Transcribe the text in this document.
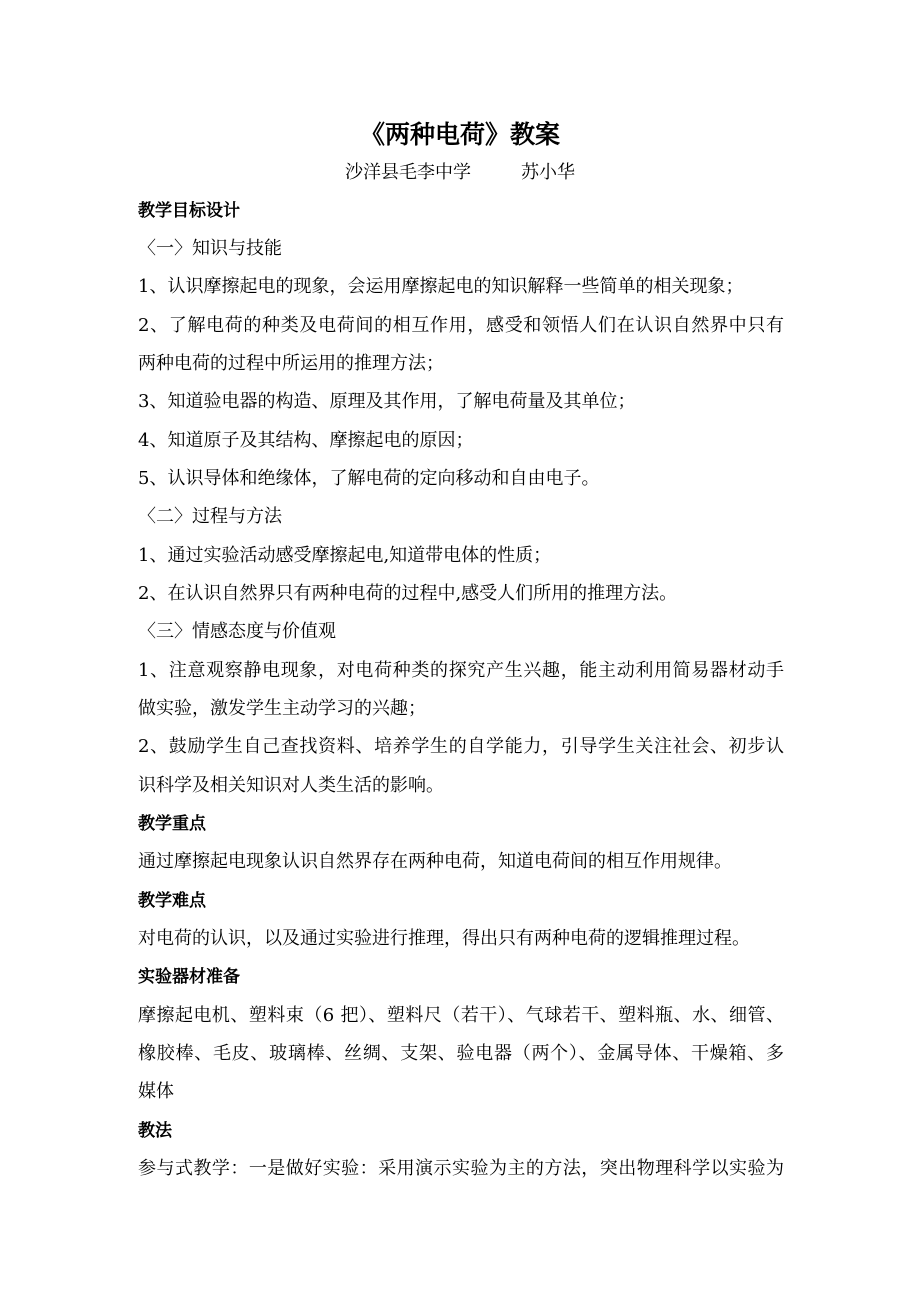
《两种电荷》教案
沙洋县毛李中学	苏小华
教学目标设计
〈一〉知识与技能
1、认识摩擦起电的现象，会运用摩擦起电的知识解释一些简单的相关现象；
2、了解电荷的种类及电荷间的相互作用，感受和领悟人们在认识自然界中只有
两种电荷的过程中所运用的推理方法；
3、知道验电器的构造、原理及其作用，了解电荷量及其单位；
4、知道原子及其结构、摩擦起电的原因；
5、认识导体和绝缘体，了解电荷的定向移动和自由电子。
〈二〉过程与方法
1、通过实验活动感受摩擦起电,知道带电体的性质；
2、在认识自然界只有两种电荷的过程中,感受人们所用的推理方法。
〈三〉情感态度与价值观
1、注意观察静电现象，对电荷种类的探究产生兴趣，能主动利用简易器材动手
做实验，激发学生主动学习的兴趣；
2、鼓励学生自己查找资料、培养学生的自学能力，引导学生关注社会、初步认
识科学及相关知识对人类生活的影响。
教学重点
通过摩擦起电现象认识自然界存在两种电荷，知道电荷间的相互作用规律。
教学难点
对电荷的认识，以及通过实验进行推理，得出只有两种电荷的逻辑推理过程。
实验器材准备
摩擦起电机、塑料束（6 把）、塑料尺（若干）、气球若干、塑料瓶、水、细管、
橡胶棒、毛皮、玻璃棒、丝绸、支架、验电器（两个）、金属导体、干燥箱、多
媒体
教法
参与式教学：一是做好实验：采用演示实验为主的方法，突出物理科学以实验为
